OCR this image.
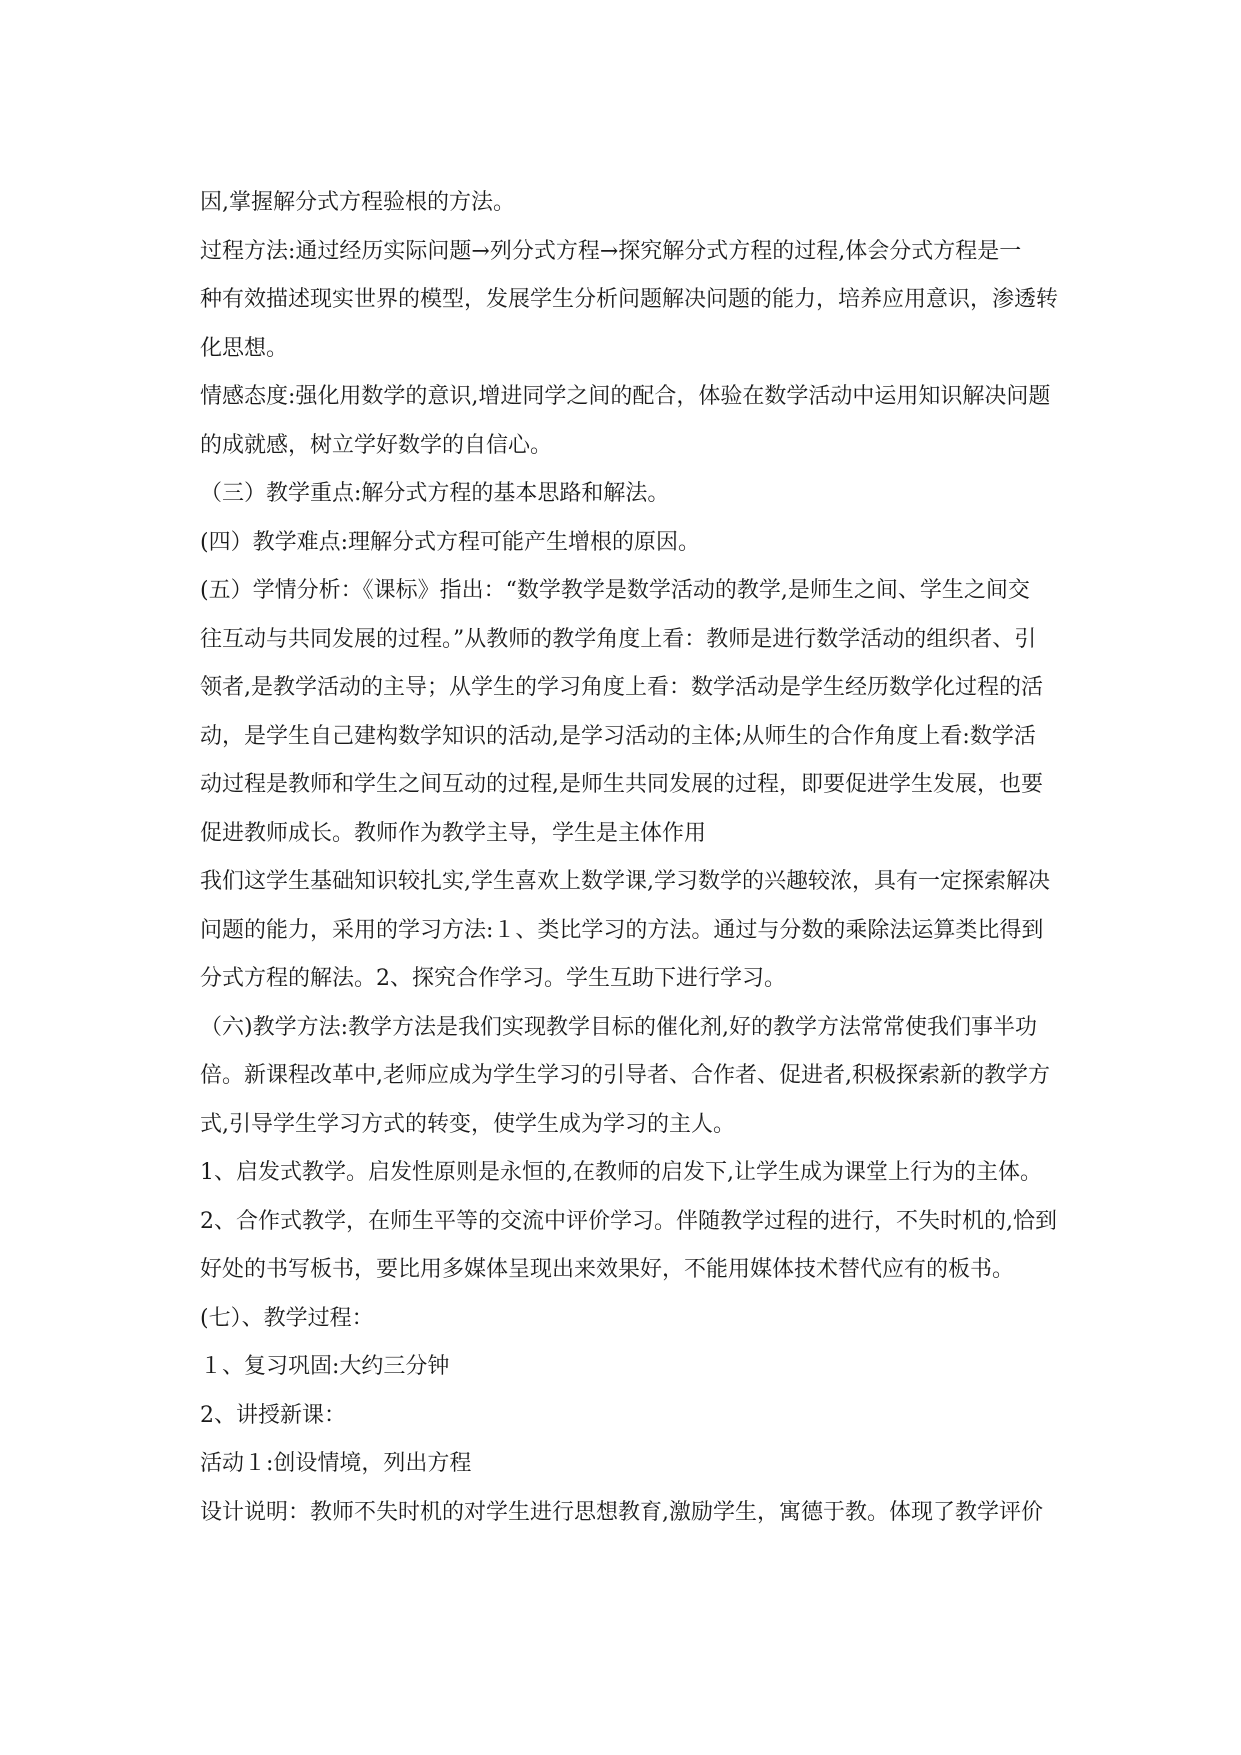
因,掌握解分式方程验根的方法。
过程方法:通过经历实际问题→列分式方程→探究解分式方程的过程,体会分式方程是一
种有效描述现实世界的模型，发展学生分析问题解决问题的能力，培养应用意识，渗透转
化思想。
情感态度:强化用数学的意识,增进同学之间的配合，体验在数学活动中运用知识解决问题
的成就感，树立学好数学的自信心。
（三）教学重点:解分式方程的基本思路和解法。
(四）教学难点:理解分式方程可能产生增根的原因。
(五）学情分析：《课标》指出：“数学教学是数学活动的教学,是师生之间、学生之间交
往互动与共同发展的过程。”从教师的教学角度上看：教师是进行数学活动的组织者、引
领者,是教学活动的主导；从学生的学习角度上看：数学活动是学生经历数学化过程的活
动，是学生自己建构数学知识的活动,是学习活动的主体;从师生的合作角度上看:数学活
动过程是教师和学生之间互动的过程,是师生共同发展的过程，即要促进学生发展，也要
促进教师成长。教师作为教学主导，学生是主体作用
我们这学生基础知识较扎实,学生喜欢上数学课,学习数学的兴趣较浓，具有一定探索解决
问题的能力，采用的学习方法:１、类比学习的方法。通过与分数的乘除法运算类比得到
分式方程的解法。2、探究合作学习。学生互助下进行学习。
（六)教学方法:教学方法是我们实现教学目标的催化剂,好的教学方法常常使我们事半功
倍。新课程改革中,老师应成为学生学习的引导者、合作者、促进者,积极探索新的教学方
式,引导学生学习方式的转变，使学生成为学习的主人。
1、启发式教学。启发性原则是永恒的,在教师的启发下,让学生成为课堂上行为的主体。
2、合作式教学，在师生平等的交流中评价学习。伴随教学过程的进行，不失时机的,恰到
好处的书写板书，要比用多媒体呈现出来效果好，不能用媒体技术替代应有的板书。
(七）、教学过程：
１、复习巩固:大约三分钟
2、讲授新课：
活动１:创设情境，列出方程
设计说明：教师不失时机的对学生进行思想教育,激励学生，寓德于教。体现了教学评价
